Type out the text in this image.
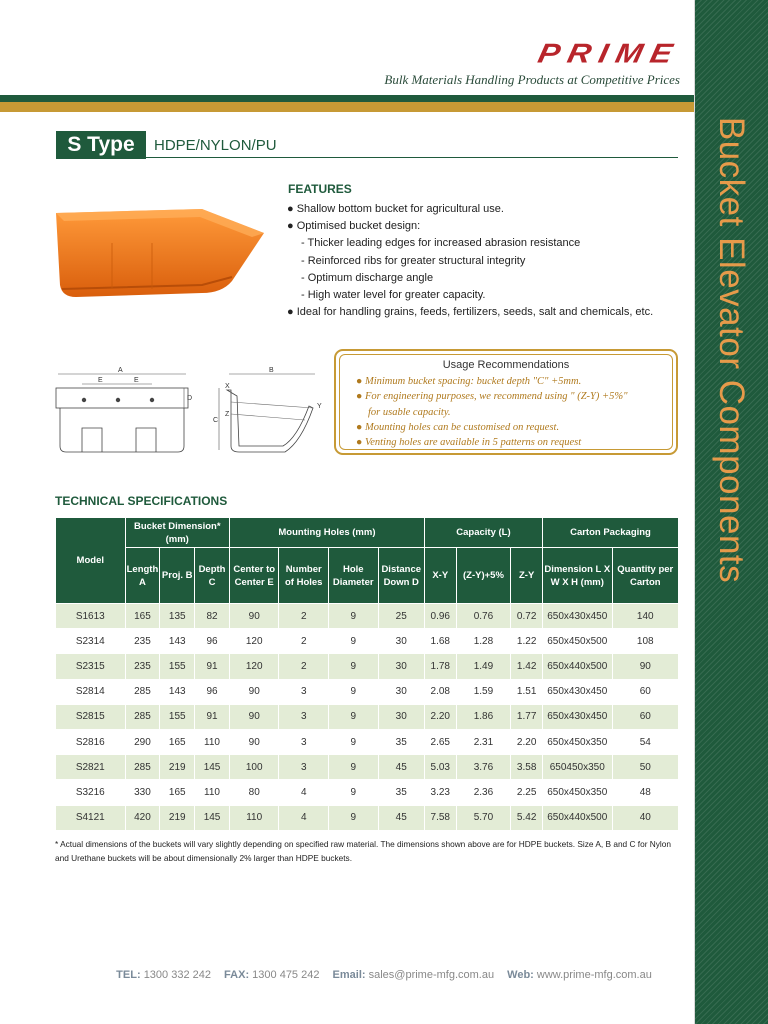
Bucket Elevator Components
PRIME
Bulk Materials Handling Products at Competitive Prices
S Type	HDPE/NYLON/PU
FEATURES
● Shallow bottom bucket for agricultural use.
● Optimised bucket design:
- Thicker leading edges for increased abrasion resistance
- Reinforced ribs for greater structural integrity
- Optimum discharge angle
- High water level for greater capacity.
● Ideal for handling grains, feeds, fertilizers, seeds, salt and chemicals, etc.
A
E	E
B
C
X
Y
Z
D
Usage Recommendations
● Minimum bucket spacing: bucket depth "C" +5mm.
● For engineering purposes, we recommend using " (Z-Y) +5%"
for usable capacity.
● Mounting holes can be customised on request.
● Venting holes are available in 5 patterns on request
TECHNICAL SPECIFICATIONS
Model	Bucket Dimension* (mm)			Mounting Holes (mm)				Capacity (L)			Carton Packaging	
	Length A	Proj. B	Depth C	Center to Center E	Number of Holes	Hole Diameter	Distance Down D	X-Y	(Z-Y)+5%	Z-Y	Dimension L X W X H (mm)	Quantity per Carton
S1613	165	135	82	90	2	9	25	0.96	0.76	0.72	650x430x450	140
S2314	235	143	96	120	2	9	30	1.68	1.28	1.22	650x450x500	108
S2315	235	155	91	120	2	9	30	1.78	1.49	1.42	650x440x500	90
S2814	285	143	96	90	3	9	30	2.08	1.59	1.51	650x430x450	60
S2815	285	155	91	90	3	9	30	2.20	1.86	1.77	650x430x450	60
S2816	290	165	110	90	3	9	35	2.65	2.31	2.20	650x450x350	54
S2821	285	219	145	100	3	9	45	5.03	3.76	3.58	650450x350	50
S3216	330	165	110	80	4	9	35	3.23	2.36	2.25	650x450x350	48
S4121	420	219	145	110	4	9	45	7.58	5.70	5.42	650x440x500	40
* Actual dimensions of the buckets will vary slightly depending on specified raw material. The dimensions shown above are for HDPE buckets. Size A, B and C for Nylon and Urethane buckets will be about dimensionally 2% larger than HDPE buckets.
TEL: 1300 332 242 FAX: 1300 475 242 Email: sales@prime-mfg.com.au Web: www.prime-mfg.com.au
